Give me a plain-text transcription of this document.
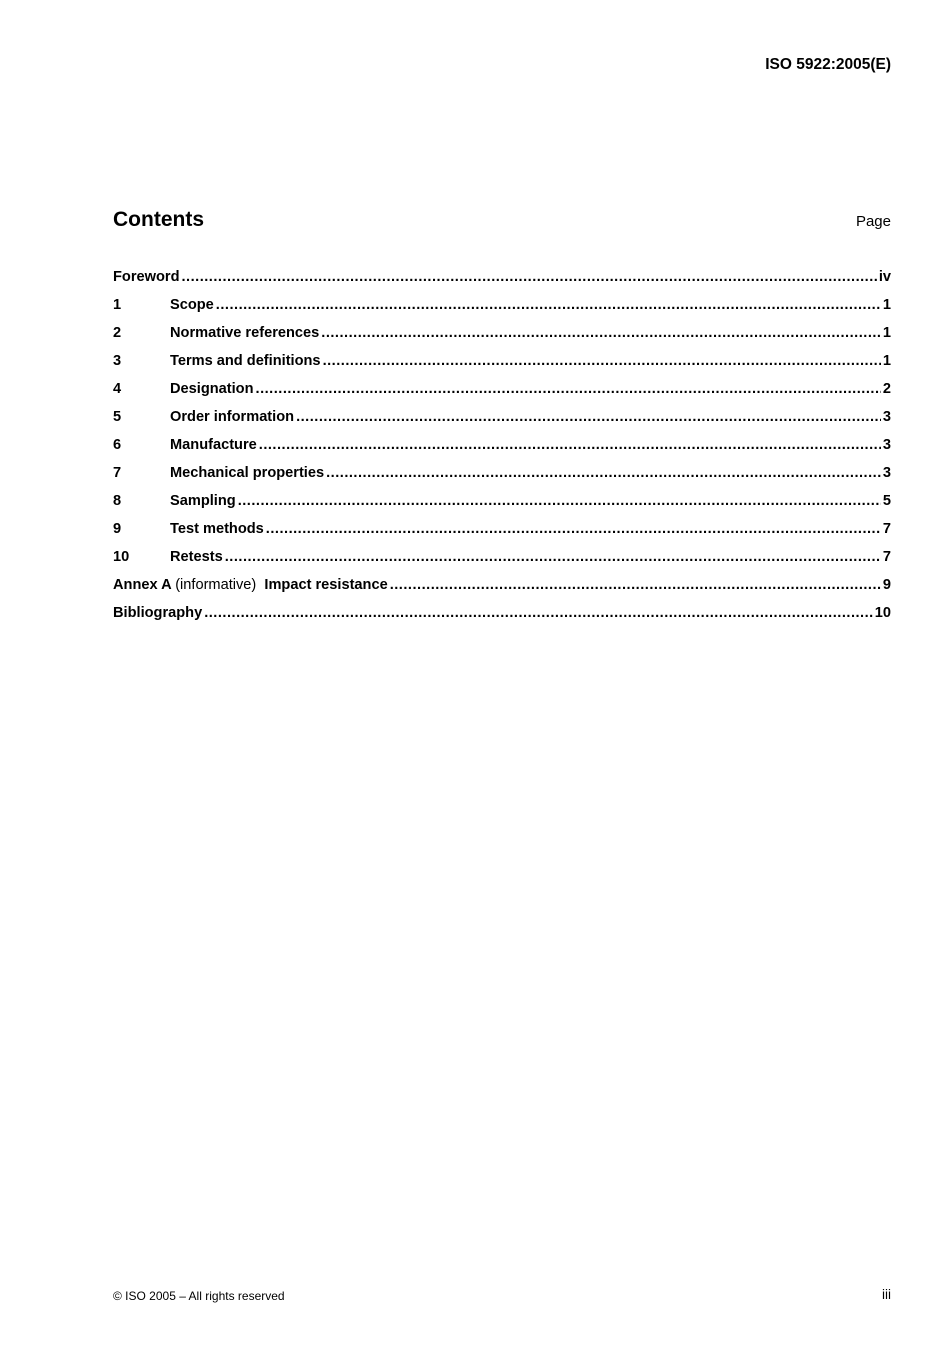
ISO 5922:2005(E)
Contents	Page
Foreword .....	iv
1	Scope .....	1
2	Normative references .....	1
3	Terms and definitions .....	1
4	Designation .....	2
5	Order information .....	3
6	Manufacture .....	3
7	Mechanical properties .....	3
8	Sampling .....	5
9	Test methods .....	7
10	Retests .....	7
Annex A (informative) Impact resistance .....	9
Bibliography .....	10
© ISO 2005 – All rights reserved	iii
